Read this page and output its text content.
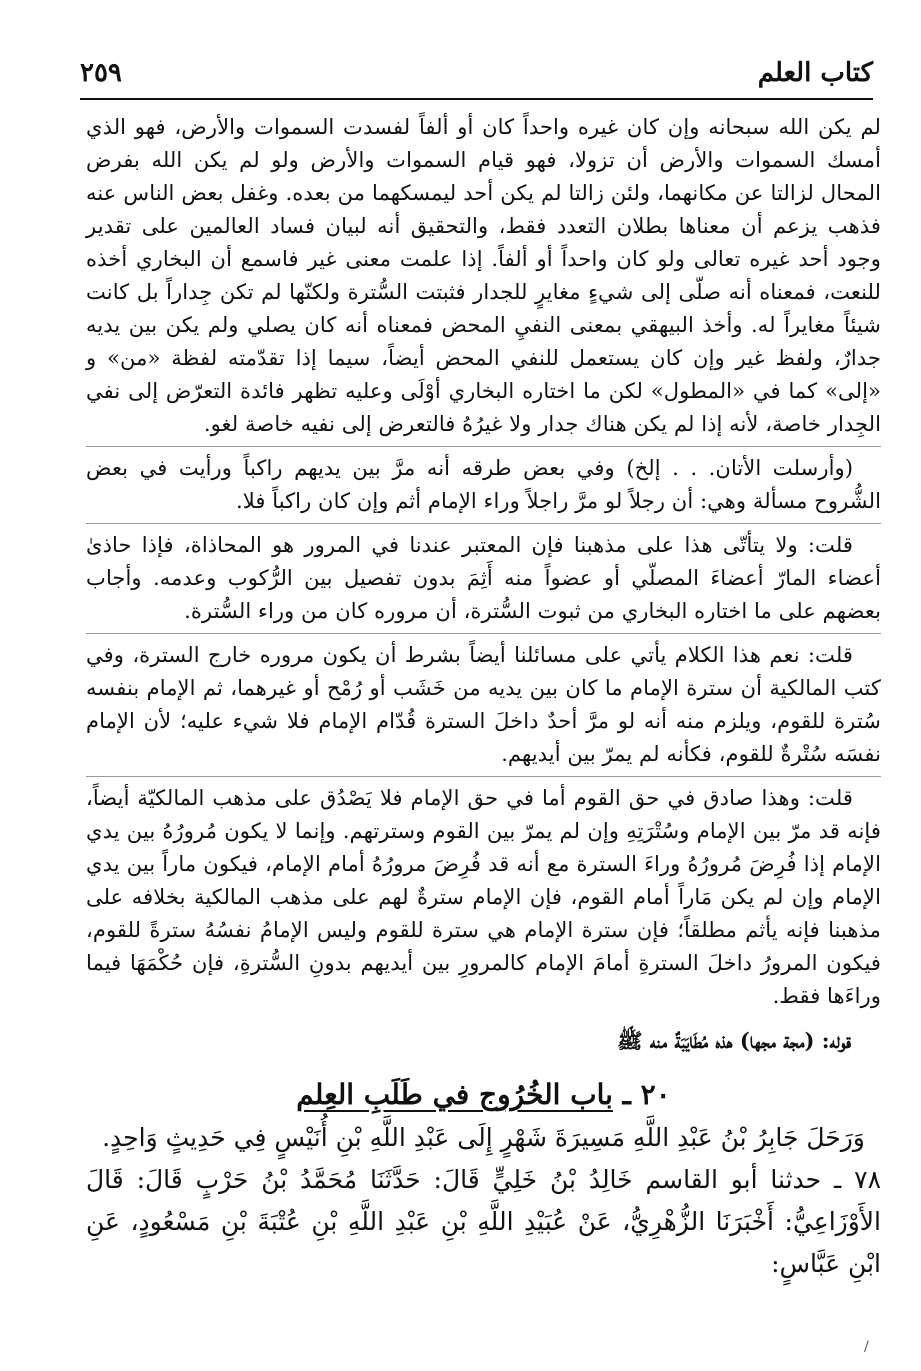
كتاب العلم
٢٥٩

لم يكن الله سبحانه وإن كان غيره واحداً كان أو ألفاً لفسدت السموات والأرض، فهو الذي أمسك السموات والأرض أن تزولا، فهو قيام السموات والأرض ولو لم يكن الله بفرض المحال لزالتا عن مكانهما، ولئن زالتا لم يكن أحد ليمسكهما من بعده. وغفل بعض الناس عنه فذهب يزعم أن معناها بطلان التعدد فقط، والتحقيق أنه لبيان فساد العالمين على تقدير وجود أحد غيره تعالى ولو كان واحداً أو ألفاً. إذا علمت معنى غير فاسمع أن البخاري أخذه للنعت، فمعناه أنه صلّى إلى شيءٍ مغايرٍ للجدار فثبتت السُّترة ولكنّها لم تكن جِداراً بل كانت شيئاً مغايراً له. وأخذ البيهقي بمعنى النفيِ المحض فمعناه أنه كان يصلي ولم يكن بين يديه جدارٌ، ولفظ غير وإن كان يستعمل للنفي المحض أيضاً، سيما إذا تقدّمته لفظة «من» و «إلى» كما في «المطول» لكن ما اختاره البخاري أوْلَى وعليه تظهر فائدة التعرّض إلى نفي الجِدار خاصة، لأنه إذا لم يكن هناك جدار ولا غيرُهُ فالتعرض إلى نفيه خاصة لغو.

(وأرسلت الأتان. . . إلخ) وفي بعض طرقه أنه مرَّ بين يديهم راكباً ورأيت في بعض الشُّروح مسألة وهي: أن رجلاً لو مرَّ راجلاً وراء الإمام أثم وإن كان راكباً فلا.

قلت: ولا يتأتّى هذا على مذهبنا فإن المعتبر عندنا في المرور هو المحاذاة، فإذا حاذىٰ أعضاء المارّ أعضاءَ المصلّي أو عضواً منه أَثِمَ بدون تفصيل بين الرُّكوب وعدمه. وأجاب بعضهم على ما اختاره البخاري من ثبوت السُّترة، أن مروره كان من وراء السُّترة.

قلت: نعم هذا الكلام يأتي على مسائلنا أيضاً بشرط أن يكون مروره خارج السترة، وفي كتب المالكية أن سترة الإمام ما كان بين يديه من خَشَب أو رُمْح أو غيرهما، ثم الإمام بنفسه سُترة للقوم، ويلزم منه أنه لو مرَّ أحدٌ داخلَ السترة قُدّام الإمام فلا شيء عليه؛ لأن الإمام نفسَه سُتْرةٌ للقوم، فكأنه لم يمرّ بين أيديهم.

قلت: وهذا صادق في حق القوم أما في حق الإمام فلا يَصْدُق على مذهب المالكيّة أيضاً، فإنه قد مرّ بين الإمام وسُتْرَتِهِ وإن لم يمرّ بين القوم وسترتهم. وإنما لا يكون مُرورُهُ بين يدي الإمام إذا فُرِضَ مُرورُهُ وراءَ السترة مع أنه قد فُرِضَ مرورُهُ أمام الإمام، فيكون ماراً بين يدي الإمام وإن لم يكن مَاراً أمام القوم، فإن الإمام سترةٌ لهم على مذهب المالكية بخلافه على مذهبنا فإنه يأثم مطلقاً؛ فإن سترة الإمام هي سترة للقوم وليس الإمامُ نفسُهُ سترةً للقوم، فيكون المرورُ داخلَ السترةِ أمامَ الإمام كالمرورِ بين أيديهم بدونِ السُّترةِ، فإن حُكْمَهَا فيما وراءَها فقط.

قوله: (مجة مجها) هذه مُطَايَبَةٌ منه ﷺ

٢٠ ـ باب الخُرُوج في طَلَبِ العِلم

وَرَحَلَ جَابِرُ بْنُ عَبْدِ اللَّهِ مَسِيرَةَ شَهْرٍ إِلَى عَبْدِ اللَّهِ بْنِ أُنَيْسٍ فِي حَدِيثٍ وَاحِدٍ.

٧٨ ـ حدثنا أبو القاسم خَالِدُ بْنُ خَلِيٍّ قَالَ: حَدَّثَنَا مُحَمَّدُ بْنُ حَرْبٍ قَالَ: قَالَ الأَوْزَاعِيُّ: أَخْبَرَنَا الزُّهْرِيُّ، عَنْ عُبَيْدِ اللَّهِ بْنِ عَبْدِ اللَّهِ بْنِ عُتْبَةَ بْنِ مَسْعُودٍ، عَنِ ابْنِ عَبَّاسٍ:

/
